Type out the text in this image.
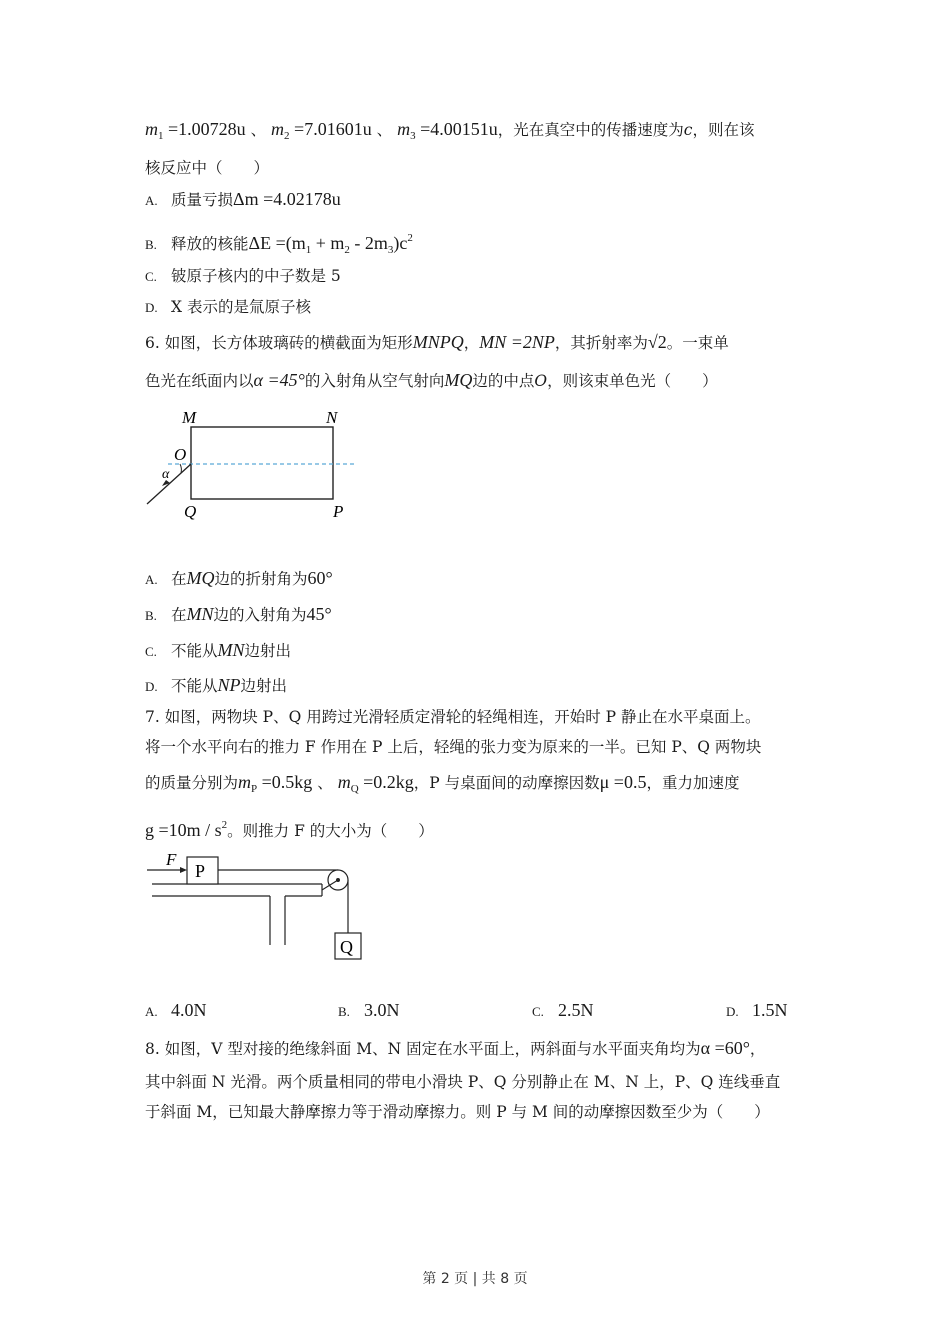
$m_1 =1.00728u$ 、 $m_2 =7.01601u$ 、 $m_3 =4.00151u$，光在真空中的传播速度为c，则在该
核反应中（　　）
A. 质量亏损Δm =4.02178u
B. 释放的核能$\Delta E =(m_1 + m_2 - 2m_3)c^2$
C. 铍原子核内的中子数是 5
D. X 表示的是氚原子核
6. 如图，长方体玻璃砖的横截面为矩形MNPQ，MN =2NP，其折射率为√2。一束单
色光在纸面内以α =45°的入射角从空气射向MQ边的中点O，则该束单色光（　　）
M	N
O
α
Q	P
A. 在MQ边的折射角为60°
B. 在MN边的入射角为45°
C. 不能从MN边射出
D. 不能从NP边射出
7. 如图，两物块 P、Q 用跨过光滑轻质定滑轮的轻绳相连，开始时 P 静止在水平桌面上。
将一个水平向右的推力 F 作用在 P 上后，轻绳的张力变为原来的一半。已知 P、Q 两物块
的质量分别为$m_P =0.5kg$ 、 $m_Q =0.2kg$，P 与桌面间的动摩擦因数μ =0.5，重力加速度
$g =10m / s^2$。则推力 F 的大小为（　　）
P
F
Q
A. 4.0N	B. 3.0N	C. 2.5N	D. 1.5N
8. 如图，V 型对接的绝缘斜面 M、N 固定在水平面上，两斜面与水平面夹角均为α =60°，
其中斜面 N 光滑。两个质量相同的带电小滑块 P、Q 分别静止在 M、N 上，P、Q 连线垂直
于斜面 M，已知最大静摩擦力等于滑动摩擦力。则 P 与 M 间的动摩擦因数至少为（　　）
第 2 页 | 共 8 页
